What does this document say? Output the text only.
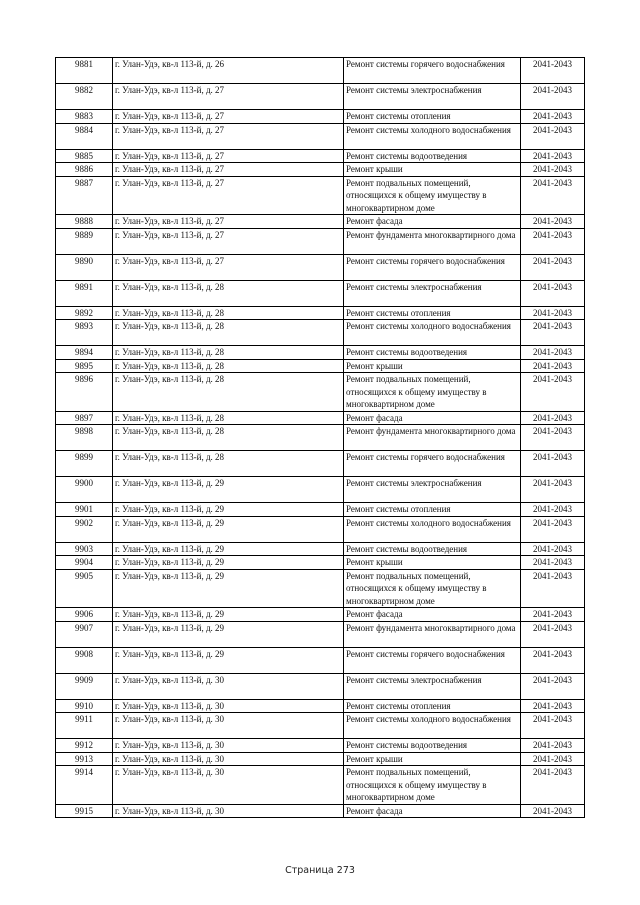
9881	г. Улан-Удэ, кв-л 113-й, д. 26	Ремонт системы горячего водоснабжения	2041-2043
9882	г. Улан-Удэ, кв-л 113-й, д. 27	Ремонт системы электроснабжения	2041-2043
9883	г. Улан-Удэ, кв-л 113-й, д. 27	Ремонт системы отопления	2041-2043
9884	г. Улан-Удэ, кв-л 113-й, д. 27	Ремонт системы холодного водоснабжения	2041-2043
9885	г. Улан-Удэ, кв-л 113-й, д. 27	Ремонт системы водоотведения	2041-2043
9886	г. Улан-Удэ, кв-л 113-й, д. 27	Ремонт крыши	2041-2043
9887	г. Улан-Удэ, кв-л 113-й, д. 27	Ремонт подвальных помещений, относящихся к общему имуществу в многоквартирном доме	2041-2043
9888	г. Улан-Удэ, кв-л 113-й, д. 27	Ремонт фасада	2041-2043
9889	г. Улан-Удэ, кв-л 113-й, д. 27	Ремонт фундамента многоквартирного дома	2041-2043
9890	г. Улан-Удэ, кв-л 113-й, д. 27	Ремонт системы горячего водоснабжения	2041-2043
9891	г. Улан-Удэ, кв-л 113-й, д. 28	Ремонт системы электроснабжения	2041-2043
9892	г. Улан-Удэ, кв-л 113-й, д. 28	Ремонт системы отопления	2041-2043
9893	г. Улан-Удэ, кв-л 113-й, д. 28	Ремонт системы холодного водоснабжения	2041-2043
9894	г. Улан-Удэ, кв-л 113-й, д. 28	Ремонт системы водоотведения	2041-2043
9895	г. Улан-Удэ, кв-л 113-й, д. 28	Ремонт крыши	2041-2043
9896	г. Улан-Удэ, кв-л 113-й, д. 28	Ремонт подвальных помещений, относящихся к общему имуществу в многоквартирном доме	2041-2043
9897	г. Улан-Удэ, кв-л 113-й, д. 28	Ремонт фасада	2041-2043
9898	г. Улан-Удэ, кв-л 113-й, д. 28	Ремонт фундамента многоквартирного дома	2041-2043
9899	г. Улан-Удэ, кв-л 113-й, д. 28	Ремонт системы горячего водоснабжения	2041-2043
9900	г. Улан-Удэ, кв-л 113-й, д. 29	Ремонт системы электроснабжения	2041-2043
9901	г. Улан-Удэ, кв-л 113-й, д. 29	Ремонт системы отопления	2041-2043
9902	г. Улан-Удэ, кв-л 113-й, д. 29	Ремонт системы холодного водоснабжения	2041-2043
9903	г. Улан-Удэ, кв-л 113-й, д. 29	Ремонт системы водоотведения	2041-2043
9904	г. Улан-Удэ, кв-л 113-й, д. 29	Ремонт крыши	2041-2043
9905	г. Улан-Удэ, кв-л 113-й, д. 29	Ремонт подвальных помещений, относящихся к общему имуществу в многоквартирном доме	2041-2043
9906	г. Улан-Удэ, кв-л 113-й, д. 29	Ремонт фасада	2041-2043
9907	г. Улан-Удэ, кв-л 113-й, д. 29	Ремонт фундамента многоквартирного дома	2041-2043
9908	г. Улан-Удэ, кв-л 113-й, д. 29	Ремонт системы горячего водоснабжения	2041-2043
9909	г. Улан-Удэ, кв-л 113-й, д. 30	Ремонт системы электроснабжения	2041-2043
9910	г. Улан-Удэ, кв-л 113-й, д. 30	Ремонт системы отопления	2041-2043
9911	г. Улан-Удэ, кв-л 113-й, д. 30	Ремонт системы холодного водоснабжения	2041-2043
9912	г. Улан-Удэ, кв-л 113-й, д. 30	Ремонт системы водоотведения	2041-2043
9913	г. Улан-Удэ, кв-л 113-й, д. 30	Ремонт крыши	2041-2043
9914	г. Улан-Удэ, кв-л 113-й, д. 30	Ремонт подвальных помещений, относящихся к общему имуществу в многоквартирном доме	2041-2043
9915	г. Улан-Удэ, кв-л 113-й, д. 30	Ремонт фасада	2041-2043
Страница 273
